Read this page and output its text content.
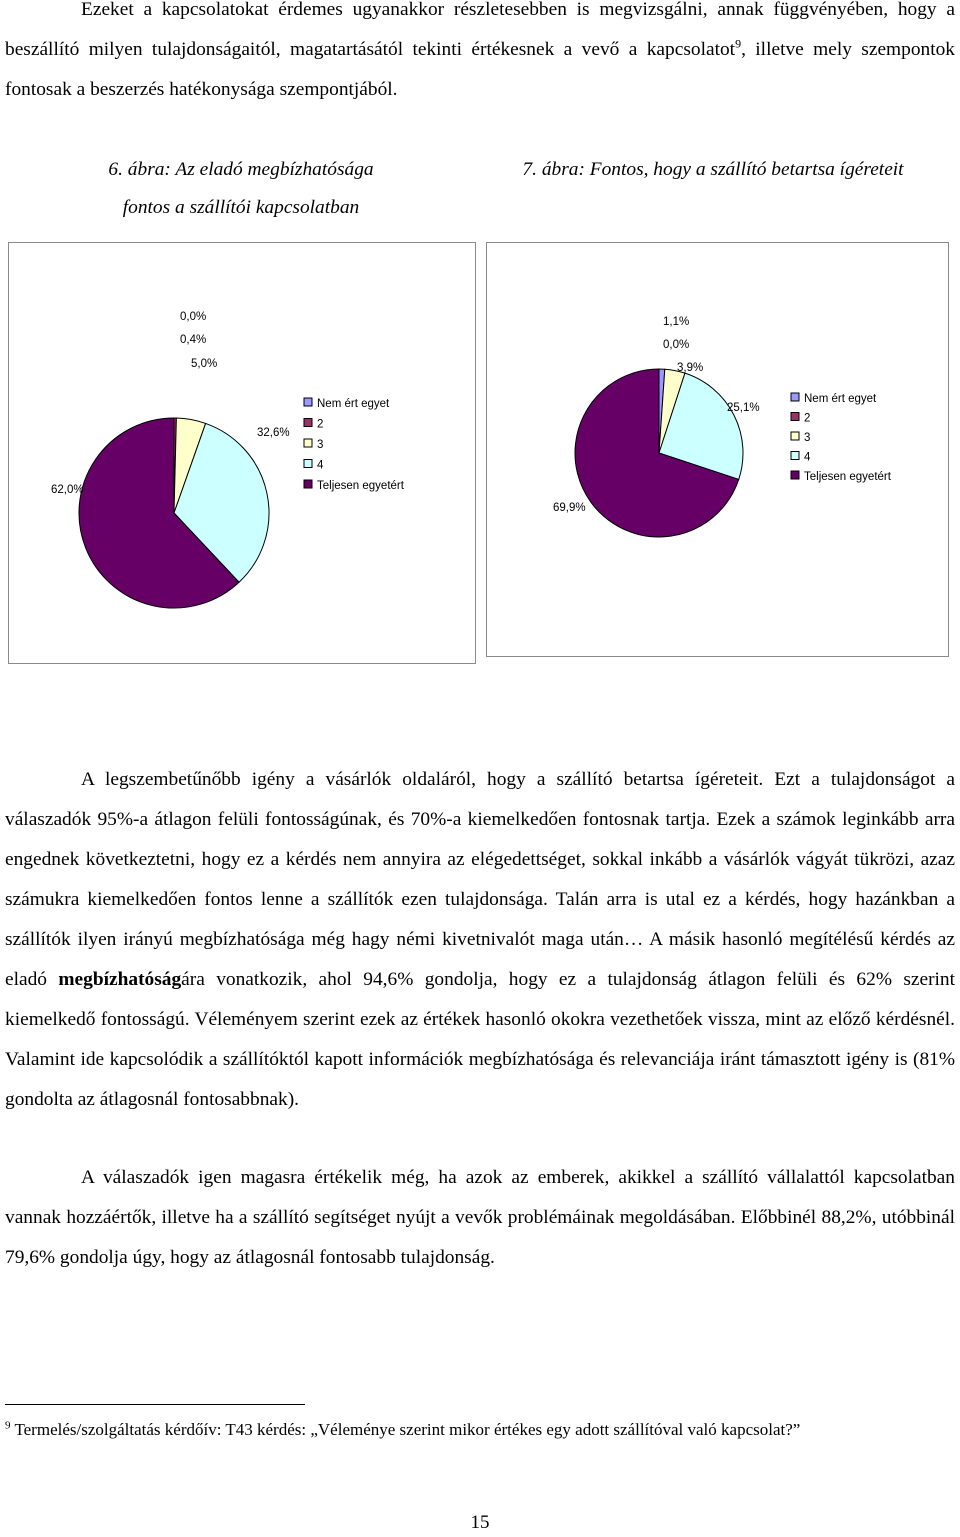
Ezeket a kapcsolatokat érdemes ugyanakkor részletesebben is megvizsgálni, annak függvényében, hogy a beszállító milyen tulajdonságaitól, magatartásától tekinti értékesnek a vevő a kapcsolatot$^9$, illetve mely szempontok fontosak a beszerzés hatékonysága szempontjából.

6. ábra: Az eladó megbízhatósága
fontos a szállítói kapcsolatban
7. ábra: Fontos, hogy a szállító betartsa ígéreteit
0,0%
0,4%
5,0%
32,6%
62,0%
Nem ért egyet
2
3
4
Teljesen egyetért
1,1%
0,0%
3,9%
25,1%
69,9%
Nem ért egyet
2
3
4
Teljesen egyetért

A legszembetűnőbb igény a vásárlók oldaláról, hogy a szállító betartsa ígéreteit. Ezt a tulajdonságot a válaszadók 95%-a átlagon felüli fontosságúnak, és 70%-a kiemelkedően fontosnak tartja. Ezek a számok leginkább arra engednek következtetni, hogy ez a kérdés nem annyira az elégedettséget, sokkal inkább a vásárlók vágyát tükrözi, azaz számukra kiemelkedően fontos lenne a szállítók ezen tulajdonsága. Talán arra is utal ez a kérdés, hogy hazánkban a szállítók ilyen irányú megbízhatósága még hagy némi kivetnivalót maga után… A másik hasonló megítélésű kérdés az eladó megbízhatóságára vonatkozik, ahol 94,6% gondolja, hogy ez a tulajdonság átlagon felüli és 62% szerint kiemelkedő fontosságú. Véleményem szerint ezek az értékek hasonló okokra vezethetőek vissza, mint az előző kérdésnél. Valamint ide kapcsolódik a szállítóktól kapott információk megbízhatósága és relevanciája iránt támasztott igény is (81% gondolta az átlagosnál fontosabbnak).

A válaszadók igen magasra értékelik még, ha azok az emberek, akikkel a szállító vállalattól kapcsolatban vannak hozzáértők, illetve ha a szállító segítséget nyújt a vevők problémáinak megoldásában. Előbbinél 88,2%, utóbbinál 79,6% gondolja úgy, hogy az átlagosnál fontosabb tulajdonság.

$^9$ Termelés/szolgáltatás kérdőív: T43 kérdés: „Véleménye szerint mikor értékes egy adott szállítóval való kapcsolat?”

15
